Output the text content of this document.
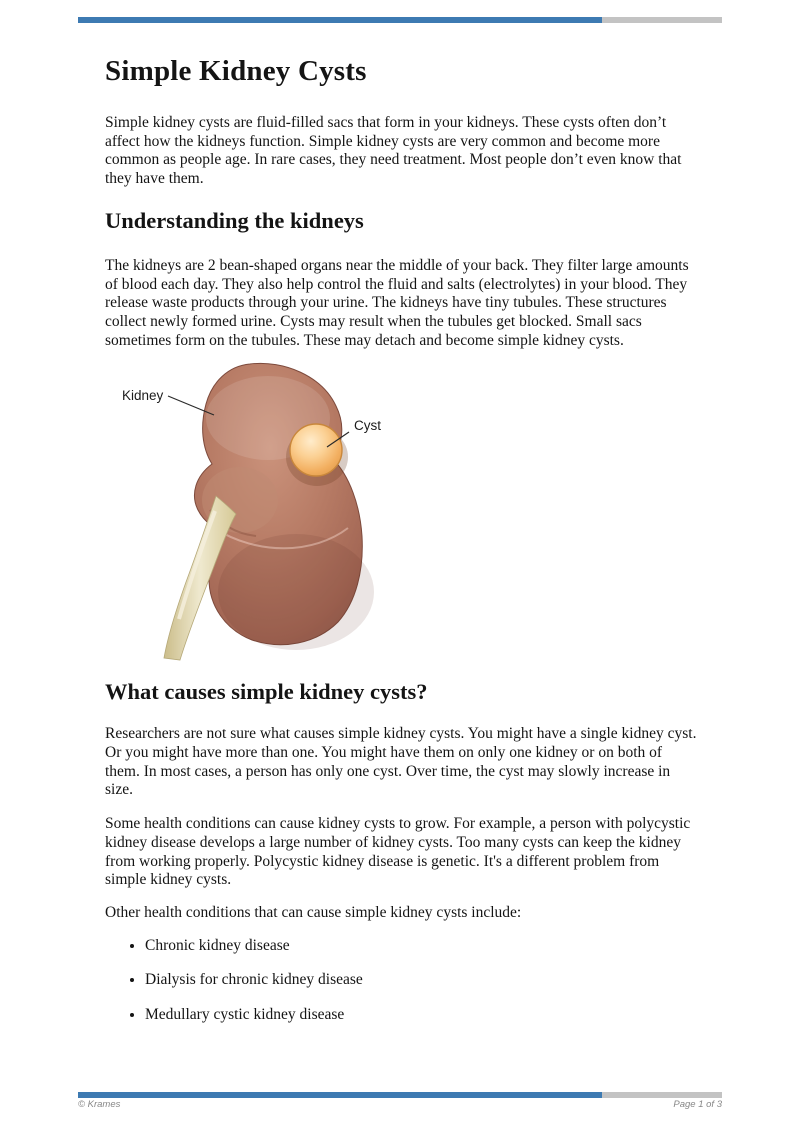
Simple Kidney Cysts

Simple kidney cysts are fluid-filled sacs that form in your kidneys. These cysts often don’t affect how the kidneys function. Simple kidney cysts are very common and become more common as people age. In rare cases, they need treatment. Most people don’t even know that they have them.

Understanding the kidneys

The kidneys are 2 bean-shaped organs near the middle of your back. They filter large amounts of blood each day. They also help control the fluid and salts (electrolytes) in your blood. They release waste products through your urine. The kidneys have tiny tubules. These structures collect newly formed urine. Cysts may result when the tubules get blocked. Small sacs sometimes form on the tubules. These may detach and become simple kidney cysts.

Kidney
Cyst
What causes simple kidney cysts?

Researchers are not sure what causes simple kidney cysts. You might have a single kidney cyst. Or you might have more than one. You might have them on only one kidney or on both of them. In most cases, a person has only one cyst. Over time, the cyst may slowly increase in size.

Some health conditions can cause kidney cysts to grow. For example, a person with polycystic kidney disease develops a large number of kidney cysts. Too many cysts can keep the kidney from working properly. Polycystic kidney disease is genetic. It's a different problem from simple kidney cysts.

Other health conditions that can cause simple kidney cysts include:

• Chronic kidney disease
• Dialysis for chronic kidney disease
• Medullary cystic kidney disease
© Krames	Page 1 of 3
